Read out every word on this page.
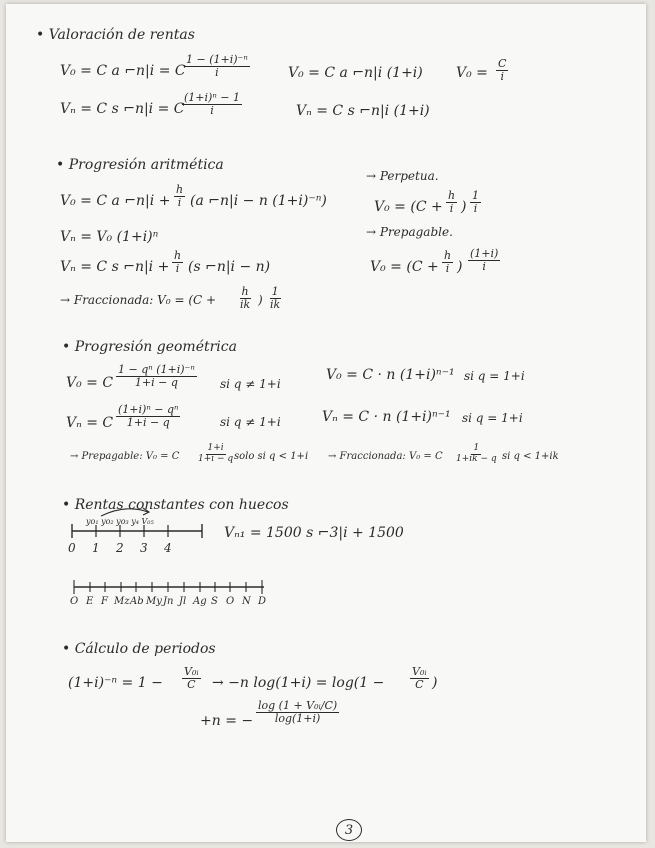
• Valoración de rentas
V₀ = C a ⌐n|i = C
$\frac{\text{1 − (1+i)⁻ⁿ}}{i}$	V₀ = C a ⌐n|i (1+i) $V_0 = \frac{C}{i}$
Vₙ = C s ⌐n|i = C
$\frac{\text{(1+i)ⁿ − 1}}{i}$	Vₙ = C s ⌐n|i (1+i)
• Progresión aritmética
V₀ = C a ⌐n|i + $\frac{h}{i} (a$ ⌐n|i − n (1+i)⁻ⁿ)
→ Perpetua.
$V_0 = (C + \frac{h}{i}$ ) $\frac{1}{i}$
Vₙ = V₀ (1+i)ⁿ	→ Prepagable.
$V_0 = (C + \frac{h}{i}$ ) $\frac{(1+i)}{i}$
Vₙ = C s ⌐n|i + $\frac{h}{i} (s$ ⌐n|i − n)
→ Fraccionada: $V_0 = (C + \frac{h}{ik}$ ) $\frac{1}{ik}$
• Progresión geométrica
V₀ = C $\frac{\text{1 − qⁿ (1+i)⁻ⁿ}}{1+i - q}$ si q ≠ 1+i
V₀ = C · n (1+i)ⁿ⁻¹ si q = 1+i
Vₙ = C $\frac{\text{(1+i)ⁿ − qⁿ}}{1+i - q}$	si q ≠ 1+i	Vₙ = C · n (1+i)ⁿ⁻¹ si q = 1+i
→ Prepagable: V₀ = C $\frac{1+i}{1+i - q}$
solo si q < 1+i → Fraccionada: V₀ = C $\frac{1}{1+ik - q}$ si q < 1+ik
• Rentas constantes con huecos
yo₁ yo₂ yo₃ y₄ V₀₅
0 1 2 3 4
Vₙ₁ = 1500 s ⌐3|i + 1500
O E F Mz Ab My Jn Jl Ag S O N D
• Cálculo de periodos
$(1+i)^{-n} = 1 - \frac{\text{V₀ᵢ}}{C} \to -n$ $\log(1+i) = \log(1 - \frac{\text{V₀ᵢ}}{C}$ )
+n = − $\frac{\text{log (1 + V₀ᵢ/C)}}{\log(1+i)}$
3
